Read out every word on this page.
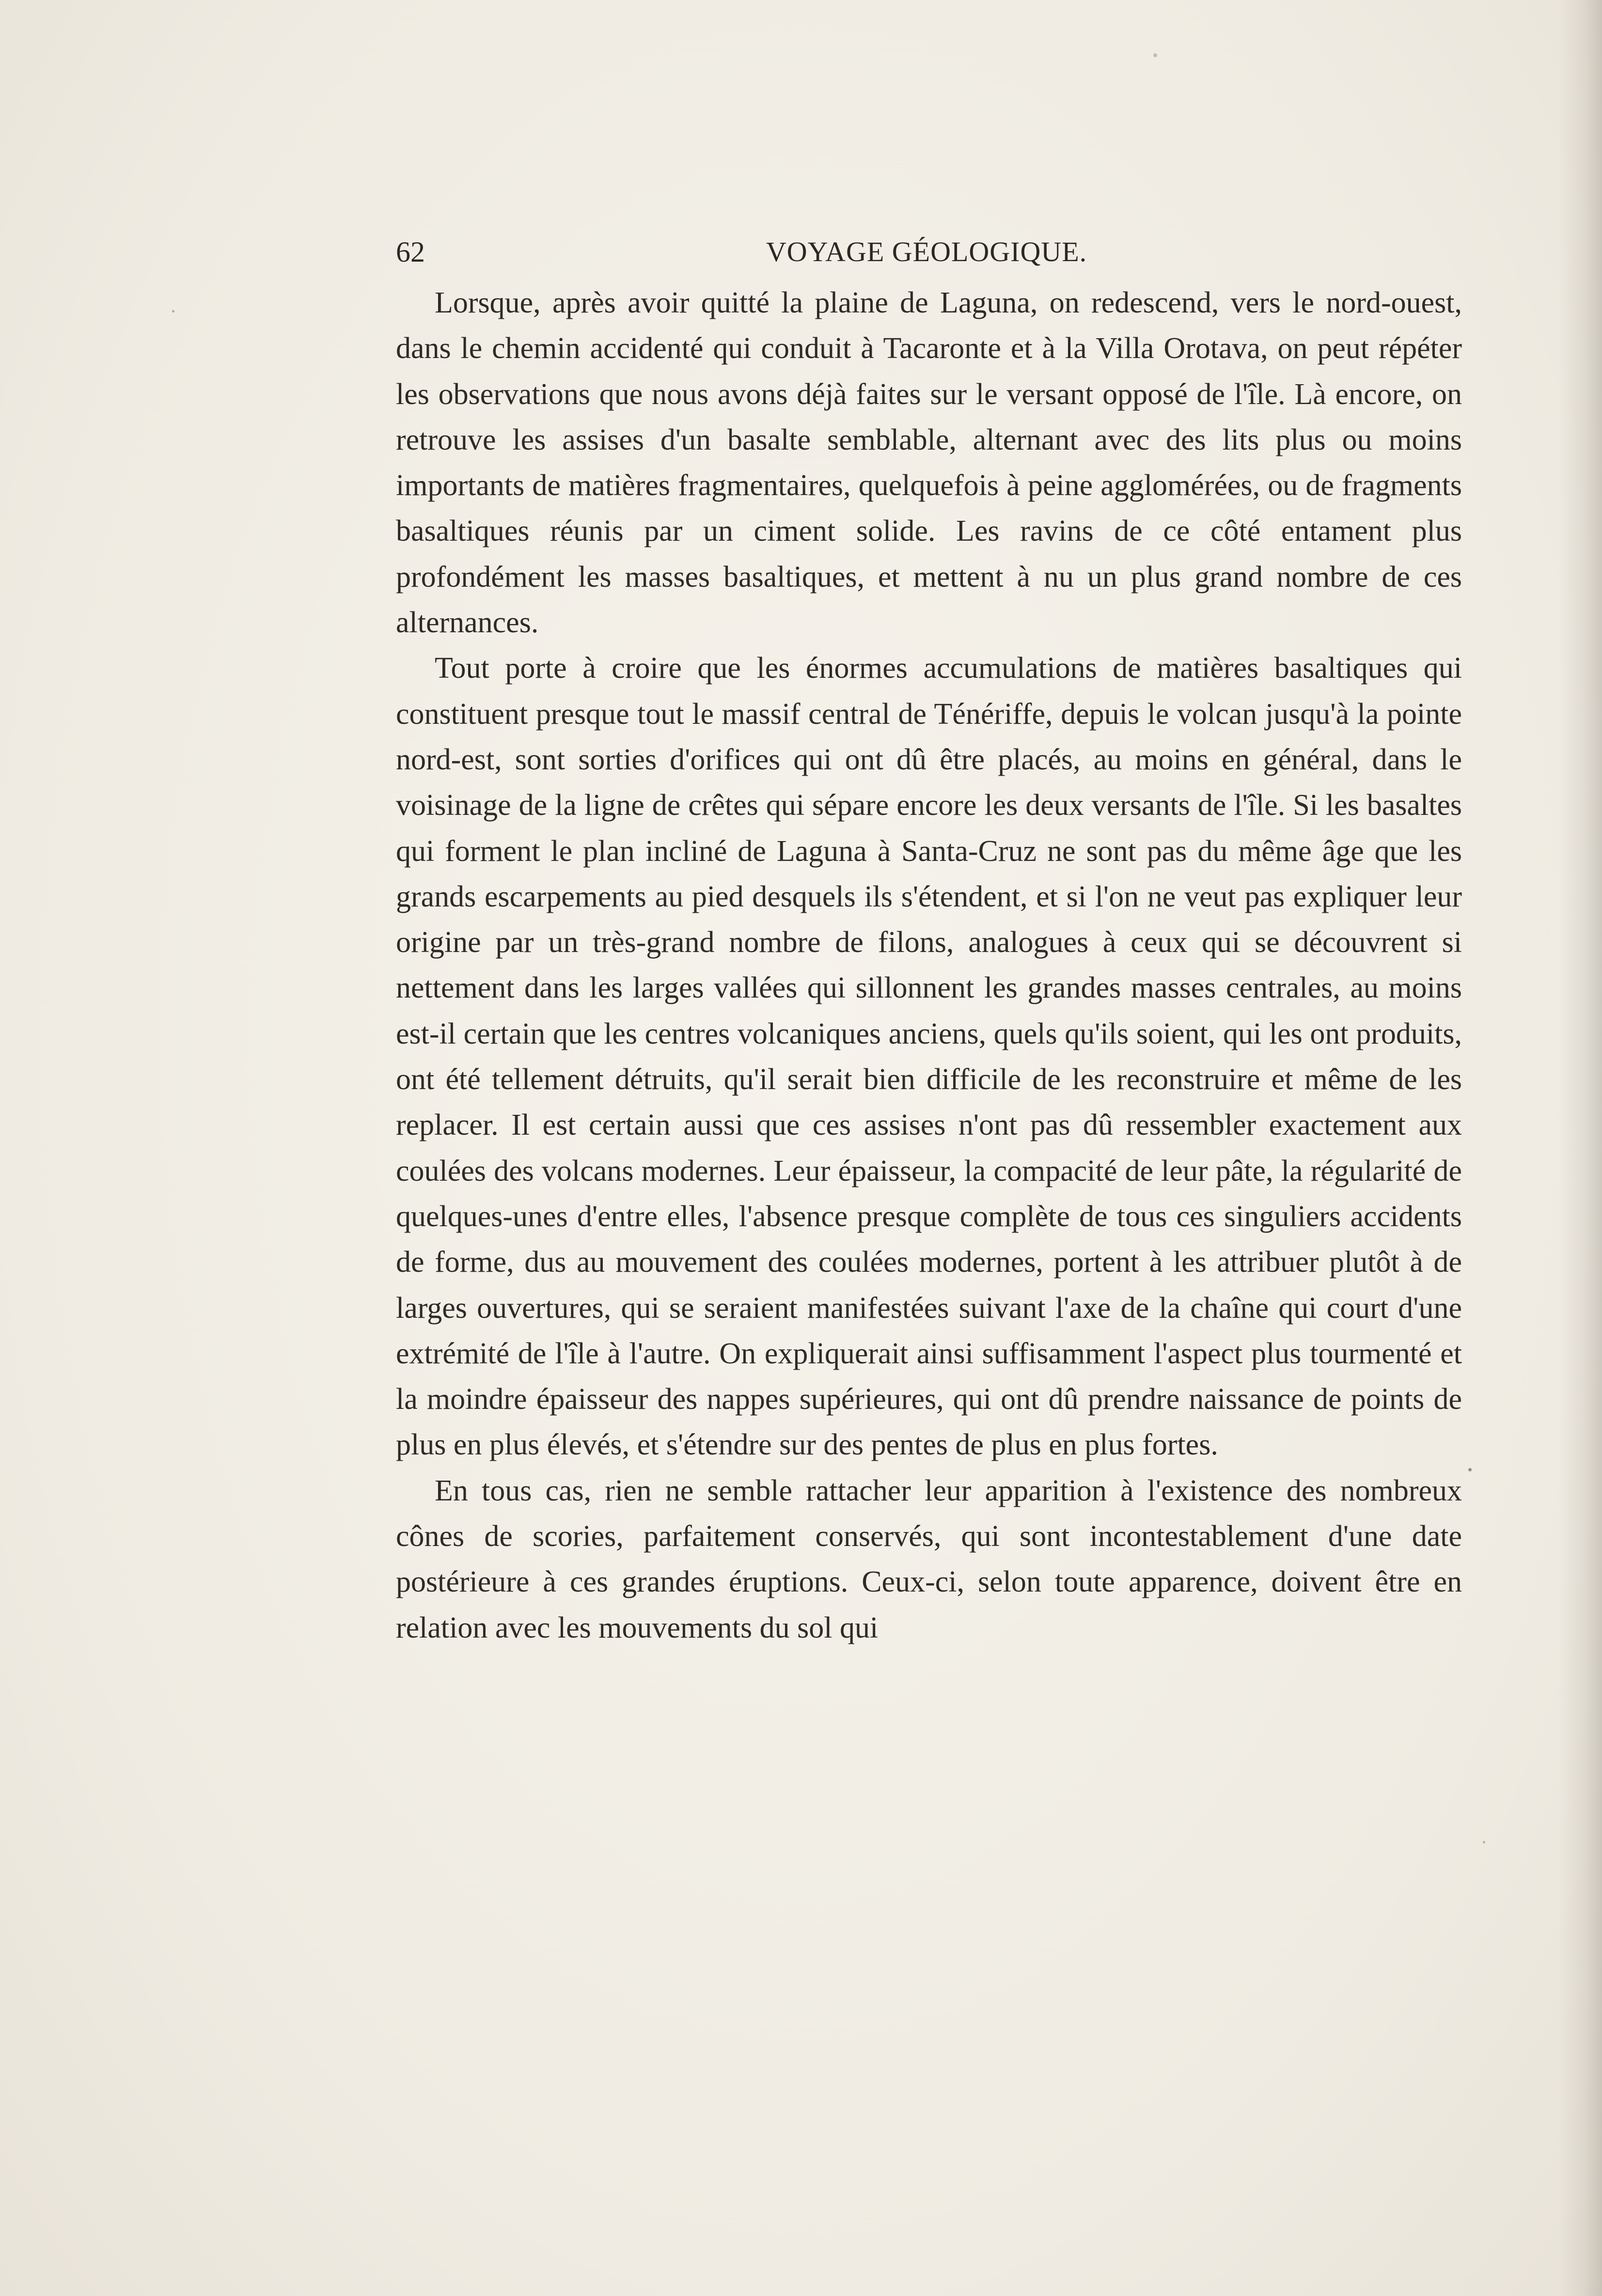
62	VOYAGE GÉOLOGIQUE.

Lorsque, après avoir quitté la plaine de Laguna, on redescend, vers le nord-ouest, dans le chemin accidenté qui conduit à Tacaronte et à la Villa Orotava, on peut répéter les observations que nous avons déjà faites sur le versant opposé de l'île. Là encore, on retrouve les assises d'un basalte semblable, alternant avec des lits plus ou moins importants de matières fragmentaires, quelquefois à peine agglomérées, ou de fragments basaltiques réunis par un ciment solide. Les ravins de ce côté entament plus profondément les masses basaltiques, et mettent à nu un plus grand nombre de ces alternances.

Tout porte à croire que les énormes accumulations de matières basaltiques qui constituent presque tout le massif central de Ténériffe, depuis le volcan jusqu'à la pointe nord-est, sont sorties d'orifices qui ont dû être placés, au moins en général, dans le voisinage de la ligne de crêtes qui sépare encore les deux versants de l'île. Si les basaltes qui forment le plan incliné de Laguna à Santa-Cruz ne sont pas du même âge que les grands escarpements au pied desquels ils s'étendent, et si l'on ne veut pas expliquer leur origine par un très-grand nombre de filons, analogues à ceux qui se découvrent si nettement dans les larges vallées qui sillonnent les grandes masses centrales, au moins est-il certain que les centres volcaniques anciens, quels qu'ils soient, qui les ont produits, ont été tellement détruits, qu'il serait bien difficile de les reconstruire et même de les replacer. Il est certain aussi que ces assises n'ont pas dû ressembler exactement aux coulées des volcans modernes. Leur épaisseur, la compacité de leur pâte, la régularité de quelques-unes d'entre elles, l'absence presque complète de tous ces singuliers accidents de forme, dus au mouvement des coulées modernes, portent à les attribuer plutôt à de larges ouvertures, qui se seraient manifestées suivant l'axe de la chaîne qui court d'une extrémité de l'île à l'autre. On expliquerait ainsi suffisamment l'aspect plus tourmenté et la moindre épaisseur des nappes supérieures, qui ont dû prendre naissance de points de plus en plus élevés, et s'étendre sur des pentes de plus en plus fortes.

En tous cas, rien ne semble rattacher leur apparition à l'existence des nombreux cônes de scories, parfaitement conservés, qui sont incontestablement d'une date postérieure à ces grandes éruptions. Ceux-ci, selon toute apparence, doivent être en relation avec les mouvements du sol qui
